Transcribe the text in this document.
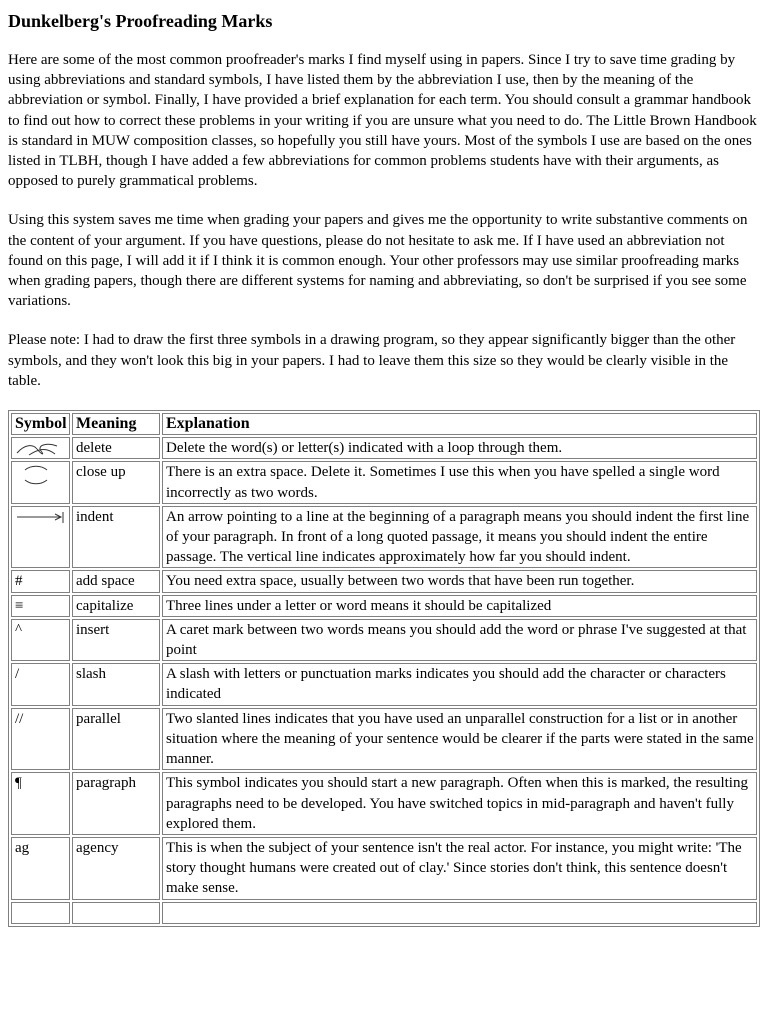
Dunkelberg's Proofreading Marks

Here are some of the most common proofreader's marks I find myself using in papers. Since I try to save time grading by using abbreviations and standard symbols, I have listed them by the abbreviation I use, then by the meaning of the abbreviation or symbol. Finally, I have provided a brief explanation for each term. You should consult a grammar handbook to find out how to correct these problems in your writing if you are unsure what you need to do. The Little Brown Handbook is standard in MUW composition classes, so hopefully you still have yours. Most of the symbols I use are based on the ones listed in TLBH, though I have added a few abbreviations for common problems students have with their arguments, as opposed to purely grammatical problems.

Using this system saves me time when grading your papers and gives me the opportunity to write substantive comments on the content of your argument. If you have questions, please do not hesitate to ask me. If I have used an abbreviation not found on this page, I will add it if I think it is common enough. Your other professors may use similar proofreading marks when grading papers, though there are different systems for naming and abbreviating, so don't be surprised if you see some variations.

Please note: I had to draw the first three symbols in a drawing program, so they appear significantly bigger than the other symbols, and they won't look this big in your papers. I had to leave them this size so they would be clearly visible in the table.

Symbol	Meaning	Explanation

	delete	Delete the word(s) or letter(s) indicated with a loop through them.

	close up	There is an extra space. Delete it. Sometimes I use this when you have spelled a single word incorrectly as two words.

	indent	An arrow pointing to a line at the beginning of a paragraph means you should indent the first line of your paragraph. In front of a long quoted passage, it means you should indent the entire passage. The vertical line indicates approximately how far you should indent.
#	add space	You need extra space, usually between two words that have been run together.
≡	capitalize	Three lines under a letter or word means it should be capitalized
^	insert	A caret mark between two words means you should add the word or phrase I've suggested at that point
/	slash	A slash with letters or punctuation marks indicates you should add the character or characters indicated
//	parallel	Two slanted lines indicates that you have used an unparallel construction for a list or in another situation where the meaning of your sentence would be clearer if the parts were stated in the same manner.
¶	paragraph	This symbol indicates you should start a new paragraph. Often when this is marked, the resulting paragraphs need to be developed. You have switched topics in mid-paragraph and haven't fully explored them.
ag	agency	This is when the subject of your sentence isn't the real actor. For instance, you might write: 'The story thought humans were created out of clay.' Since stories don't think, this sentence doesn't make sense.
